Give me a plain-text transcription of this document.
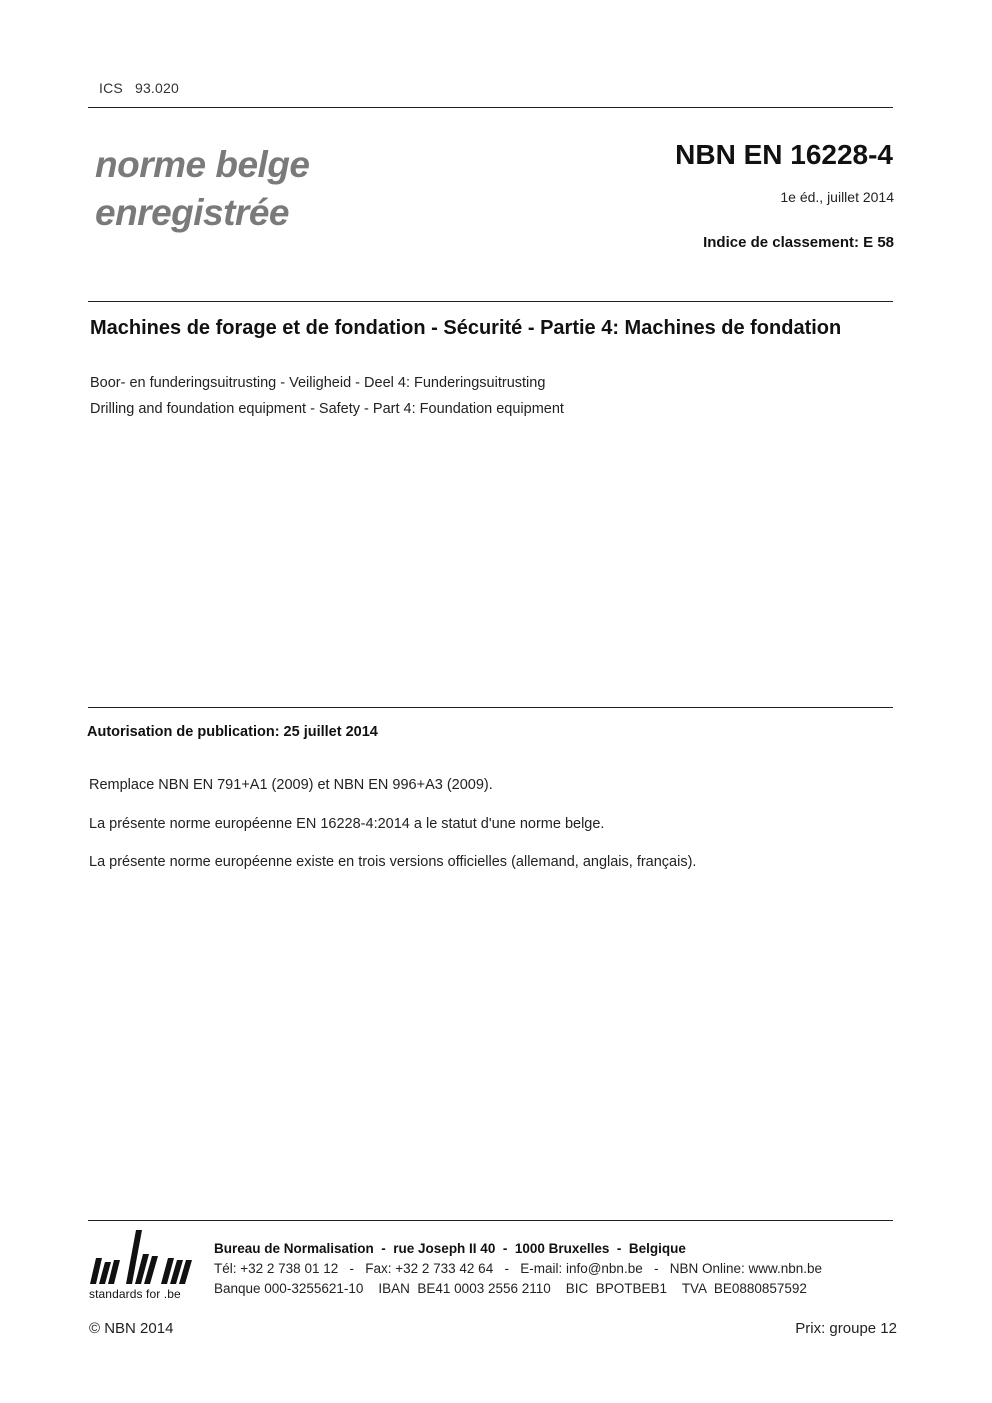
ICS 93.020
norme belge
enregistrée
NBN EN 16228-4
1e éd., juillet 2014
Indice de classement: E 58
Machines de forage et de fondation - Sécurité - Partie 4: Machines de fondation
Boor- en funderingsuitrusting - Veiligheid - Deel 4: Funderingsuitrusting
Drilling and foundation equipment - Safety - Part 4: Foundation equipment
Autorisation de publication: 25 juillet 2014
Remplace NBN EN 791+A1 (2009) et NBN EN 996+A3 (2009).
La présente norme européenne EN 16228-4:2014 a le statut d'une norme belge.
La présente norme européenne existe en trois versions officielles (allemand, anglais, français).
standards for .be
Bureau de Normalisation  -  rue Joseph II 40  -  1000 Bruxelles  -  Belgique
Tél: +32 2 738 01 12   -   Fax: +32 2 733 42 64   -   E-mail: info@nbn.be   -   NBN Online: www.nbn.be
Banque 000-3255621-10    IBAN  BE41 0003 2556 2110    BIC  BPOTBEB1    TVA  BE0880857592
© NBN 2014	Prix: groupe 12
